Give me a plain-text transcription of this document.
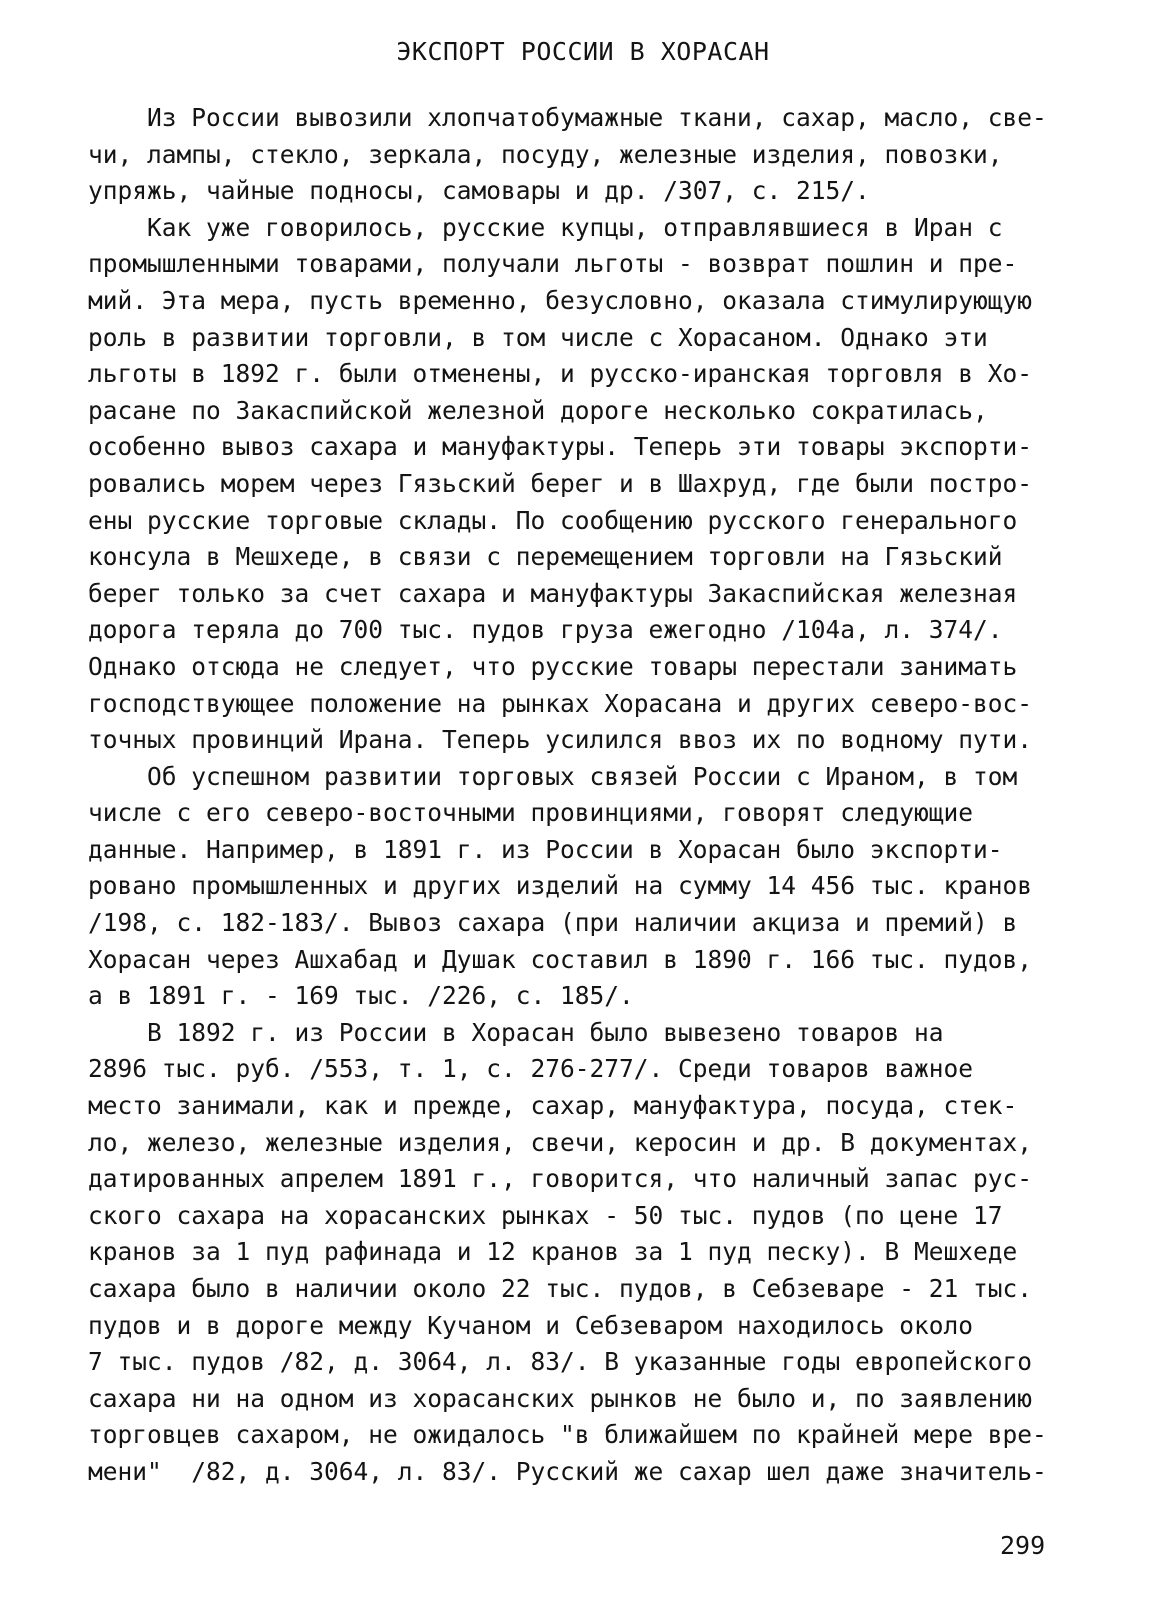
ЭКСПОРТ РОССИИ В ХОРАСАН
Из России вывозили хлопчатобумажные ткани, сахар, масло, све-
чи, лампы, стекло, зеркала, посуду, железные изделия, повозки,
упряжь, чайные подносы, самовары и др. /307, с. 215/.
Как уже говорилось, русские купцы, отправлявшиеся в Иран с
промышленными товарами, получали льготы - возврат пошлин и пре-
мий. Эта мера, пусть временно, безусловно, оказала стимулирующую
роль в развитии торговли, в том числе с Хорасаном. Однако эти
льготы в 1892 г. были отменены, и русско-иранская торговля в Хо-
расане по Закаспийской железной дороге несколько сократилась,
особенно вывоз сахара и мануфактуры. Теперь эти товары экспорти-
ровались морем через Гязьский берег и в Шахруд, где были постро-
ены русские торговые склады. По сообщению русского генерального
консула в Мешхеде, в связи с перемещением торговли на Гязьский
берег только за счет сахара и мануфактуры Закаспийская железная
дорога теряла до 700 тыс. пудов груза ежегодно /104а, л. 374/.
Однако отсюда не следует, что русские товары перестали занимать
господствующее положение на рынках Хорасана и других северо-вос-
точных провинций Ирана. Теперь усилился ввоз их по водному пути.
Об успешном развитии торговых связей России с Ираном, в том
числе с его северо-восточными провинциями, говорят следующие
данные. Например, в 1891 г. из России в Хорасан было экспорти-
ровано промышленных и других изделий на сумму 14 456 тыс. кранов
/198, с. 182-183/. Вывоз сахара (при наличии акциза и премий) в
Хорасан через Ашхабад и Душак составил в 1890 г. 166 тыс. пудов,
а в 1891 г. - 169 тыс. /226, с. 185/.
В 1892 г. из России в Хорасан было вывезено товаров на
2896 тыс. руб. /553, т. 1, с. 276-277/. Среди товаров важное
место занимали, как и прежде, сахар, мануфактура, посуда, стек-
ло, железо, железные изделия, свечи, керосин и др. В документах,
датированных апрелем 1891 г., говорится, что наличный запас рус-
ского сахара на хорасанских рынках - 50 тыс. пудов (по цене 17
кранов за 1 пуд рафинада и 12 кранов за 1 пуд песку). В Мешхеде
сахара было в наличии около 22 тыс. пудов, в Себзеваре - 21 тыс.
пудов и в дороге между Кучаном и Себзеваром находилось около
7 тыс. пудов /82, д. 3064, л. 83/. В указанные годы европейского
сахара ни на одном из хорасанских рынков не было и, по заявлению
торговцев сахаром, не ожидалось "в ближайшем по крайней мере вре-
мени"  /82, д. 3064, л. 83/. Русский же сахар шел даже значитель-
299
